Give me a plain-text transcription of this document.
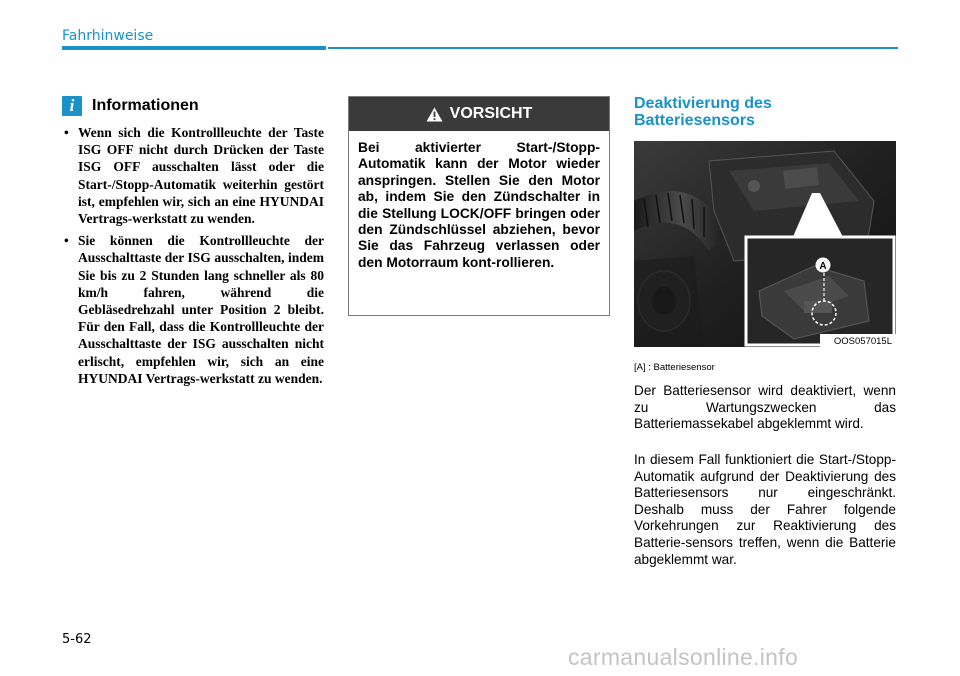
Fahrhinweise
i	Informationen
• Wenn sich die Kontrollleuchte der Taste ISG OFF nicht durch Drücken der Taste ISG OFF ausschalten lässt oder die Start-/Stopp-Automatik weiterhin gestört ist, empfehlen wir, sich an eine HYUNDAI Vertrags-werkstatt zu wenden.
• Sie können die Kontrollleuchte der Ausschalttaste der ISG ausschalten, indem Sie bis zu 2 Stunden lang schneller als 80 km/h fahren, während die Gebläsedrehzahl unter Position 2 bleibt. Für den Fall, dass die Kontrollleuchte der Ausschalttaste der ISG ausschalten nicht erlischt, empfehlen wir, sich an eine HYUNDAI Vertrags-werkstatt zu wenden.
VORSICHT
Bei aktivierter Start-/Stopp-Automatik kann der Motor wieder anspringen. Stellen Sie den Motor ab, indem Sie den Zündschalter in die Stellung LOCK/OFF bringen oder den Zündschlüssel abziehen, bevor Sie das Fahrzeug verlassen oder den Motorraum kont-rollieren.
Deaktivierung des Batteriesensors
A
OOS057015L
[A] : Batteriesensor

Der Batteriesensor wird deaktiviert, wenn zu Wartungszwecken das Batteriemassekabel abgeklemmt wird.

In diesem Fall funktioniert die Start-/Stopp-Automatik aufgrund der Deaktivierung des Batteriesensors nur eingeschränkt. Deshalb muss der Fahrer folgende Vorkehrungen zur Reaktivierung des Batterie-sensors treffen, wenn die Batterie abgeklemmt war.

5-62
carmanualsonline.info
